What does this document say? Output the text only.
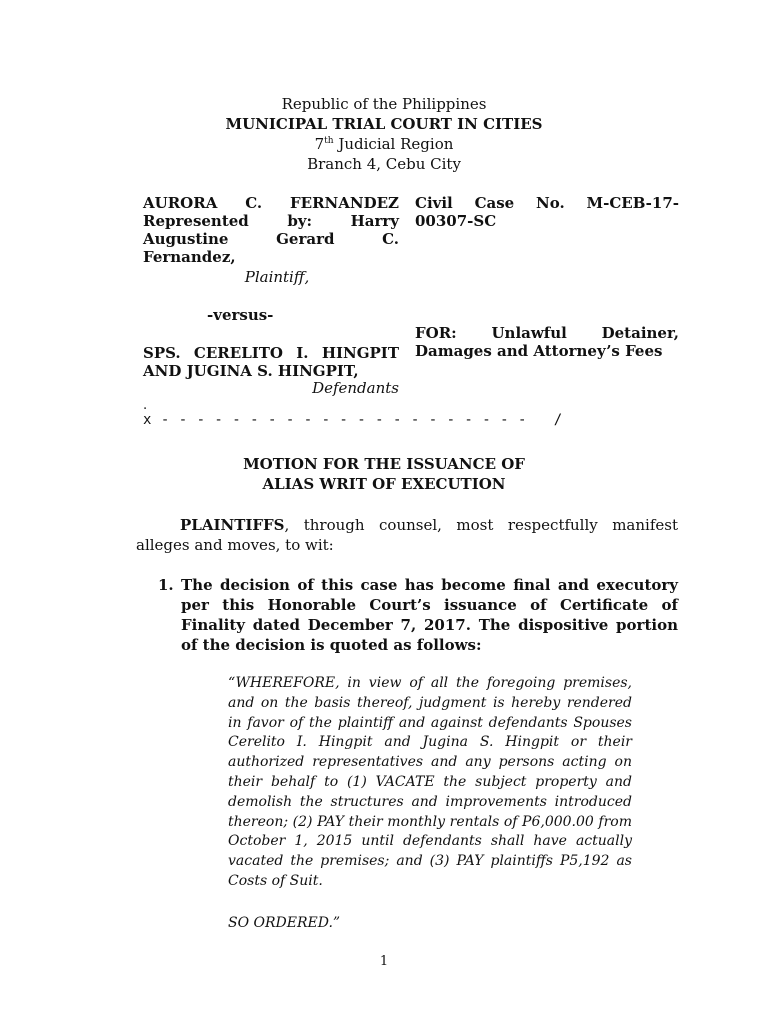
Republic of the Philippines
MUNICIPAL TRIAL COURT IN CITIES
7th Judicial Region
Branch 4, Cebu City
AURORA C. FERNANDEZ Represented by: Harry Augustine Gerard C. Fernandez,
Plaintiff,
-versus-
SPS. CERELITO I. HINGPIT AND JUGINA S. HINGPIT,
Defendants
.
x - - - - - - - - - - - - - - - - - - - - -   /
Civil Case No. M-CEB-17-00307-SC
FOR: Unlawful Detainer, Damages and Attorney’s Fees
MOTION FOR THE ISSUANCE OF
ALIAS WRIT OF EXECUTION
PLAINTIFFS, through counsel, most respectfully manifest alleges and moves, to wit:
1. The decision of this case has become final and executory per this Honorable Court’s issuance of Certificate of Finality dated December 7, 2017. The dispositive portion of the decision is quoted as follows:
“WHEREFORE, in view of all the foregoing premises, and on the basis thereof, judgment is hereby rendered in favor of the plaintiff and against defendants Spouses Cerelito I. Hingpit and Jugina S. Hingpit or their authorized representatives and any persons acting on their behalf to (1) VACATE the subject property and demolish the structures and improvements introduced thereon; (2) PAY their monthly rentals of P6,000.00 from October 1, 2015 until defendants shall have actually vacated the premises; and (3) PAY plaintiffs P5,192 as Costs of Suit.
SO ORDERED.”
1
